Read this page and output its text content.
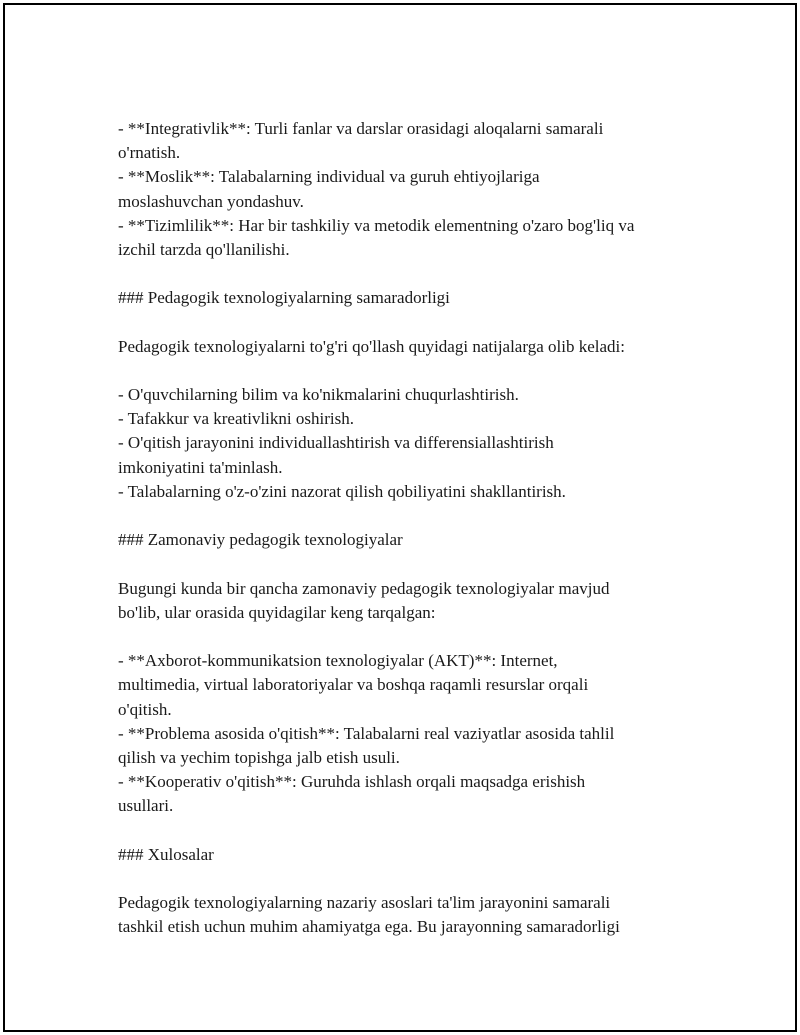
- **Integrativlik**: Turli fanlar va darslar orasidagi aloqalarni samarali
o'rnatish.
- **Moslik**: Talabalarning individual va guruh ehtiyojlariga
moslashuvchan yondashuv.
- **Tizimlilik**: Har bir tashkiliy va metodik elementning o'zaro bog'liq va
izchil tarzda qo'llanilishi.
### Pedagogik texnologiyalarning samaradorligi
Pedagogik texnologiyalarni to'g'ri qo'llash quyidagi natijalarga olib keladi:
- O'quvchilarning bilim va ko'nikmalarini chuqurlashtirish.
- Tafakkur va kreativlikni oshirish.
- O'qitish jarayonini individuallashtirish va differensiallashtirish
imkoniyatini ta'minlash.
- Talabalarning o'z-o'zini nazorat qilish qobiliyatini shakllantirish.
### Zamonaviy pedagogik texnologiyalar
Bugungi kunda bir qancha zamonaviy pedagogik texnologiyalar mavjud
bo'lib, ular orasida quyidagilar keng tarqalgan:
- **Axborot-kommunikatsion texnologiyalar (AKT)**: Internet,
multimedia, virtual laboratoriyalar va boshqa raqamli resurslar orqali
o'qitish.
- **Problema asosida o'qitish**: Talabalarni real vaziyatlar asosida tahlil
qilish va yechim topishga jalb etish usuli.
- **Kooperativ o'qitish**: Guruhda ishlash orqali maqsadga erishish
usullari.
### Xulosalar
Pedagogik texnologiyalarning nazariy asoslari ta'lim jarayonini samarali
tashkil etish uchun muhim ahamiyatga ega. Bu jarayonning samaradorligi
